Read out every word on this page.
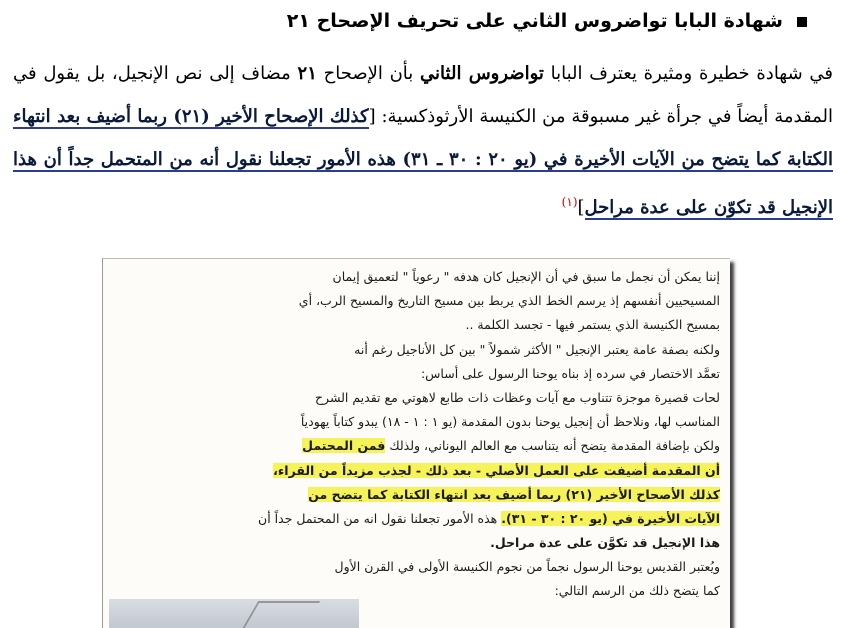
شهادة البابا تواضروس الثاني على تحريف الإصحاح ٢١
في شهادة خطيرة ومثيرة يعترف البابا تواضروس الثاني بأن الإصحاح ٢١ مضاف إلى نص الإنجيل، بل يقول في المقدمة أيضاً في جرأة غير مسبوقة من الكنيسة الأرثوذكسية: [كذلك الإصحاح الأخير (٢١) ربما أضيف بعد انتهاء الكتابة كما يتضح من الآيات الأخيرة في (يو ٢٠ : ٣٠ ـ ٣١) هذه الأمور تجعلنا نقول أنه من المتحمل جداً أن هذا الإنجيل قد تكوّن على عدة مراحل]$^{(١)}$
إننا يمكن أن نجمل ما سبق في أن الإنجيل كان هدفه " رعوياً " لتعميق إيمان
المسيحيين أنفسهم إذ يرسم الخط الذي يربط بين مسيح التاريخ والمسيح الرب، أي
بمسيح الكنيسة الذي يستمر فيها - تجسد الكلمة ..
ولكنه بصفة عامة يعتبر الإنجيل " الأكثر شمولاً " بين كل الأناجيل رغم أنه
تعمَّد الاختصار في سرده إذ بناه يوحنا الرسول على أساس:
لحات قصيرة موجزة تتناوب مع آيات وعظات ذات طابع لاهوتي مع تقديم الشرح
المناسب لها، ونلاحظ أن إنجيل يوحنا بدون المقدمة (يو ١ : ١ - ١٨) يبدو كتاباً يهودياً
ولكن بإضافة المقدمة يتضح أنه يتناسب مع العالم اليوناني، ولذلك فمن المحتمل
أن المقدمة أضيفت على العمل الأصلي - بعد ذلك - لجذب مزيداً من القراء،
كذلك الأصحاح الأخير (٢١) ربما أضيف بعد انتهاء الكتابة كما يتضح من
الآيات الأخيرة في (يو ٢٠ : ٣٠ - ٣١). هذه الأمور تجعلنا نقول انه من المحتمل جداً أن
هذا الإنجيل قد تكوَّن على عدة مراحل.
ويُعتبر القديس يوحنا الرسول نجماً من نجوم الكنيسة الأولى في القرن الأول
كما يتضح ذلك من الرسم التالي:
